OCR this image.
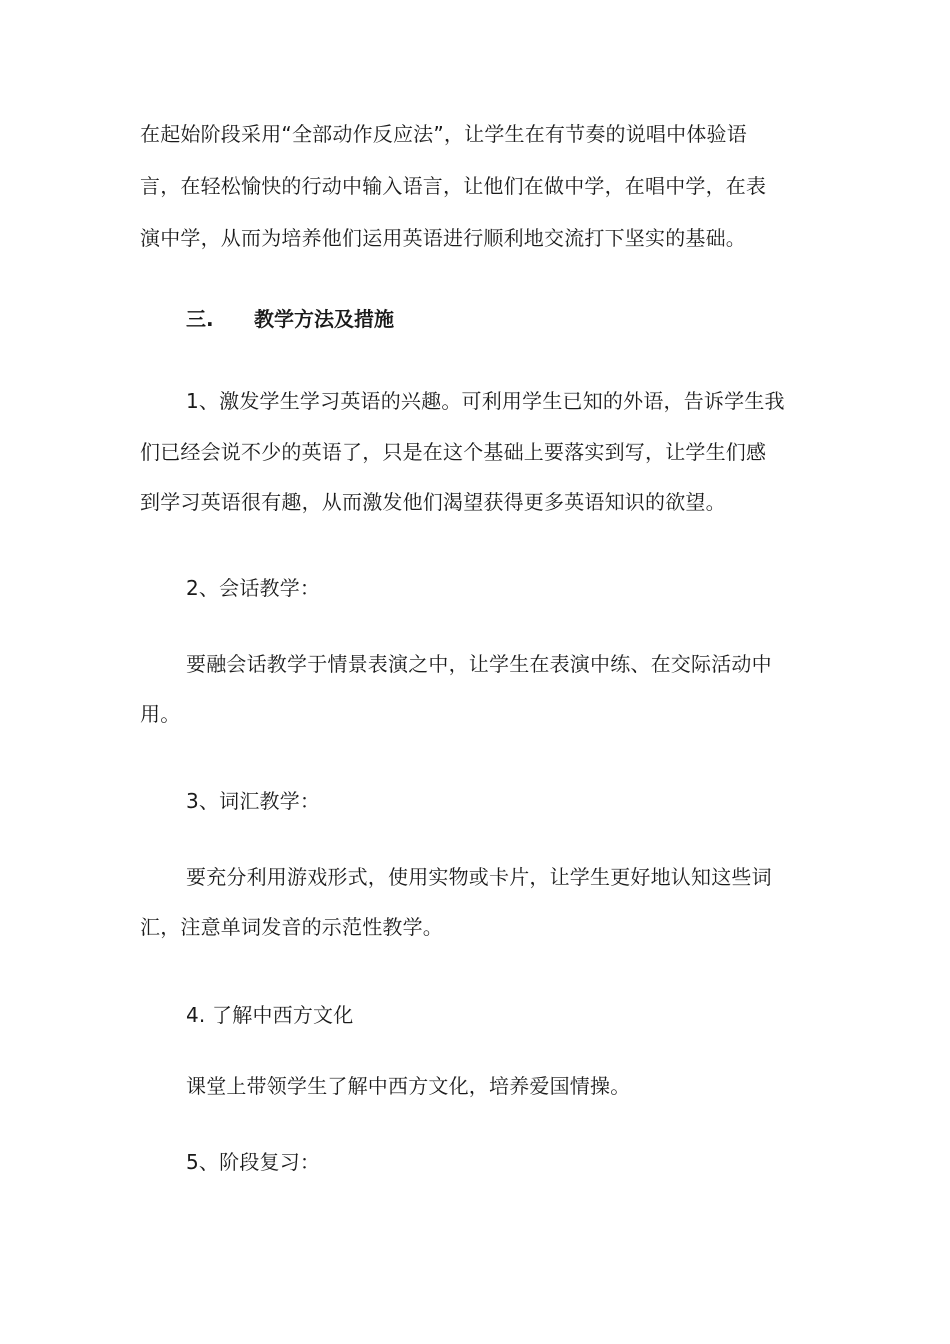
在起始阶段采用“全部动作反应法”，让学生在有节奏的说唱中体验语
言，在轻松愉快的行动中输入语言，让他们在做中学，在唱中学，在表
演中学，从而为培养他们运用英语进行顺利地交流打下坚实的基础。
三. 教学方法及措施
1、激发学生学习英语的兴趣。可利用学生已知的外语，告诉学生我
们已经会说不少的英语了，只是在这个基础上要落实到写，让学生们感
到学习英语很有趣，从而激发他们渴望获得更多英语知识的欲望。
2、会话教学：
要融会话教学于情景表演之中，让学生在表演中练、在交际活动中
用。
3、词汇教学：
要充分利用游戏形式，使用实物或卡片，让学生更好地认知这些词
汇，注意单词发音的示范性教学。
4. 了解中西方文化
课堂上带领学生了解中西方文化，培养爱国情操。
5、阶段复习：
